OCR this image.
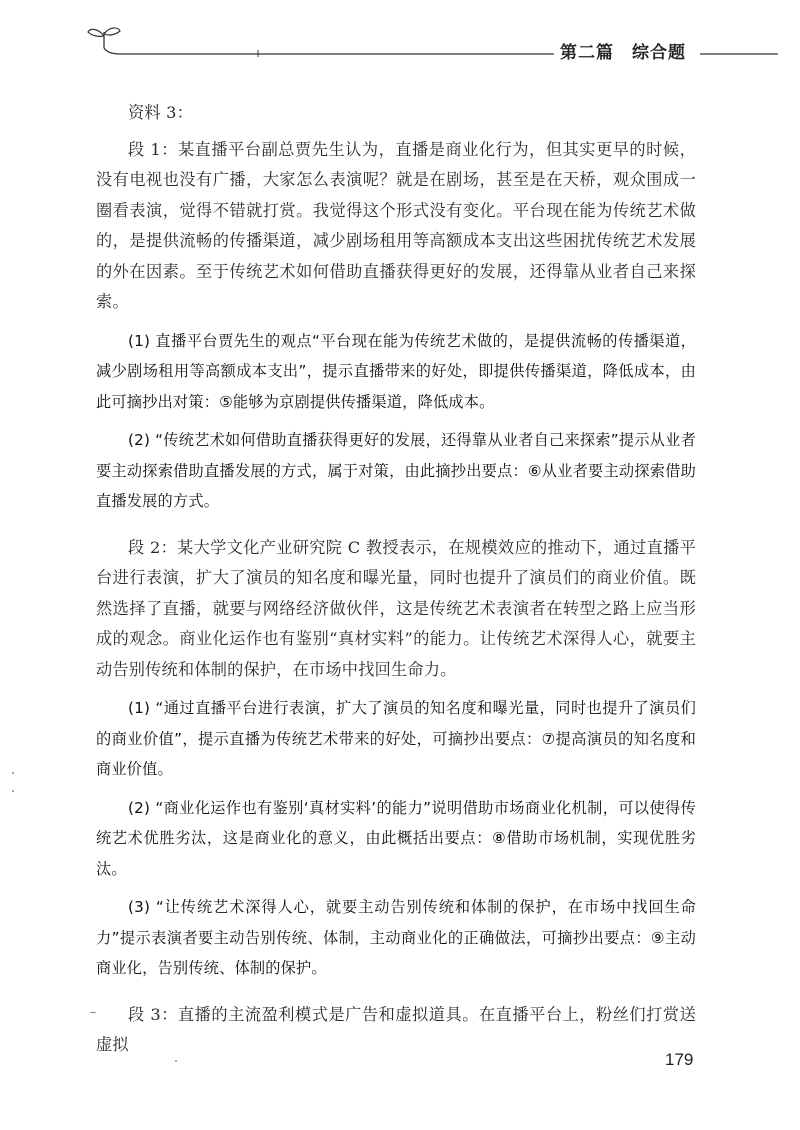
第二篇　综合题

资料 3：

段 1：某直播平台副总贾先生认为，直播是商业化行为，但其实更早的时候，没有电视也没有广播，大家怎么表演呢？就是在剧场，甚至是在天桥，观众围成一圈看表演，觉得不错就打赏。我觉得这个形式没有变化。平台现在能为传统艺术做的，是提供流畅的传播渠道，减少剧场租用等高额成本支出这些困扰传统艺术发展的外在因素。至于传统艺术如何借助直播获得更好的发展，还得靠从业者自己来探索。

(1) 直播平台贾先生的观点“平台现在能为传统艺术做的，是提供流畅的传播渠道，减少剧场租用等高额成本支出”，提示直播带来的好处，即提供传播渠道，降低成本，由此可摘抄出对策：⑤能够为京剧提供传播渠道，降低成本。

(2) “传统艺术如何借助直播获得更好的发展，还得靠从业者自己来探索”提示从业者要主动探索借助直播发展的方式，属于对策，由此摘抄出要点：⑥从业者要主动探索借助直播发展的方式。

段 2：某大学文化产业研究院 C 教授表示，在规模效应的推动下，通过直播平台进行表演，扩大了演员的知名度和曝光量，同时也提升了演员们的商业价值。既然选择了直播，就要与网络经济做伙伴，这是传统艺术表演者在转型之路上应当形成的观念。商业化运作也有鉴别“真材实料”的能力。让传统艺术深得人心，就要主动告别传统和体制的保护，在市场中找回生命力。

(1) “通过直播平台进行表演，扩大了演员的知名度和曝光量，同时也提升了演员们的商业价值”，提示直播为传统艺术带来的好处，可摘抄出要点：⑦提高演员的知名度和商业价值。

(2) “商业化运作也有鉴别‘真材实料’的能力”说明借助市场商业化机制，可以使得传统艺术优胜劣汰，这是商业化的意义，由此概括出要点：⑧借助市场机制，实现优胜劣汰。

(3) “让传统艺术深得人心，就要主动告别传统和体制的保护，在市场中找回生命力”提示表演者要主动告别传统、体制，主动商业化的正确做法，可摘抄出要点：⑨主动商业化，告别传统、体制的保护。

段 3：直播的主流盈利模式是广告和虚拟道具。在直播平台上，粉丝们打赏送虚拟

179
